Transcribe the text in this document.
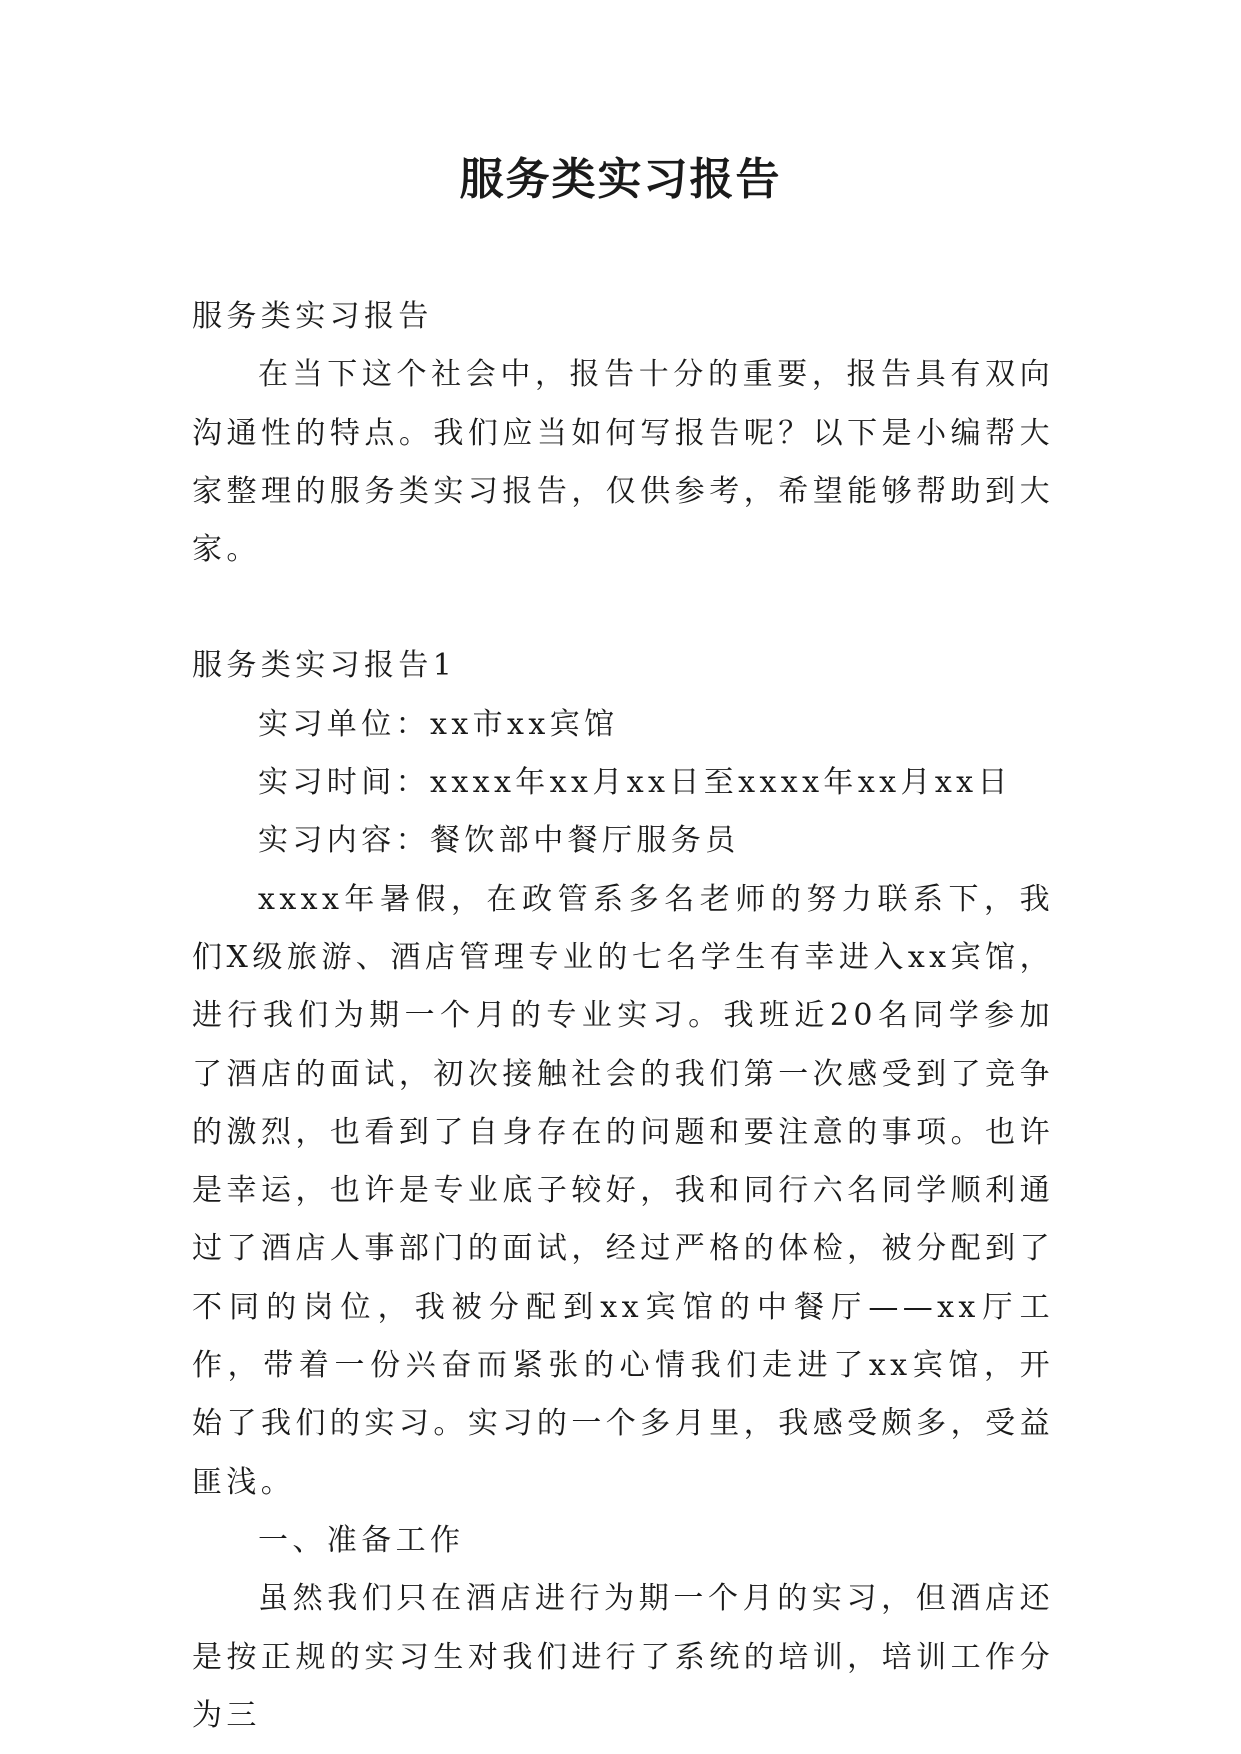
服务类实习报告

服务类实习报告

在当下这个社会中，报告十分的重要，报告具有双向沟通性的特点。我们应当如何写报告呢？以下是小编帮大家整理的服务类实习报告，仅供参考，希望能够帮助到大家。

服务类实习报告1

实习单位：xx市xx宾馆

实习时间：xxxx年xx月xx日至xxxx年xx月xx日

实习内容：餐饮部中餐厅服务员

xxxx年暑假，在政管系多名老师的努力联系下，我们X级旅游、酒店管理专业的七名学生有幸进入xx宾馆，进行我们为期一个月的专业实习。我班近20名同学参加了酒店的面试，初次接触社会的我们第一次感受到了竞争的激烈，也看到了自身存在的问题和要注意的事项。也许是幸运，也许是专业底子较好，我和同行六名同学顺利通过了酒店人事部门的面试，经过严格的体检，被分配到了不同的岗位，我被分配到xx宾馆的中餐厅——xx厅工作，带着一份兴奋而紧张的心情我们走进了xx宾馆，开始了我们的实习。实习的一个多月里，我感受颇多，受益匪浅。

一、准备工作

虽然我们只在酒店进行为期一个月的实习，但酒店还是按正规的实习生对我们进行了系统的培训，培训工作分为三
